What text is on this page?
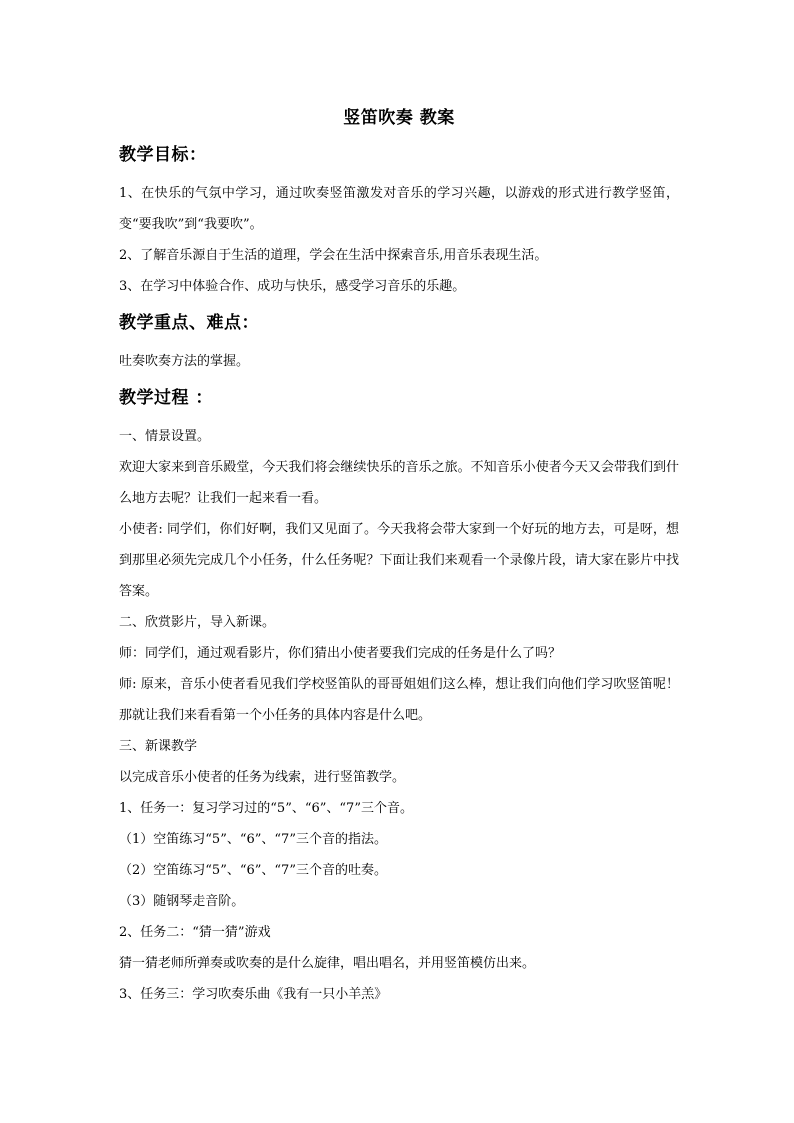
竖笛吹奏 教案
教学目标：

1、在快乐的气氛中学习，通过吹奏竖笛激发对音乐的学习兴趣，以游戏的形式进行教学竖笛，变“要我吹”到“我要吹”。

2、了解音乐源自于生活的道理，学会在生活中探索音乐,用音乐表现生活。

3、在学习中体验合作、成功与快乐，感受学习音乐的乐趣。

教学重点、难点：

吐奏吹奏方法的掌握。

教学过程 ：

一、情景设置。

欢迎大家来到音乐殿堂，今天我们将会继续快乐的音乐之旅。不知音乐小使者今天又会带我们到什么地方去呢？让我们一起来看一看。

小使者: 同学们，你们好啊，我们又见面了。今天我将会带大家到一个好玩的地方去，可是呀，想到那里必须先完成几个小任务，什么任务呢？下面让我们来观看一个录像片段，请大家在影片中找答案。

二、欣赏影片，导入新课。

师：同学们，通过观看影片，你们猜出小使者要我们完成的任务是什么了吗？

师: 原来，音乐小使者看见我们学校竖笛队的哥哥姐姐们这么棒，想让我们向他们学习吹竖笛呢！那就让我们来看看第一个小任务的具体内容是什么吧。

三、新课教学

以完成音乐小使者的任务为线索，进行竖笛教学。

1、任务一：复习学习过的“5”、“6”、“7”三个音。

（1）空笛练习“5”、“6”、“7”三个音的指法。

（2）空笛练习“5”、“6”、“7”三个音的吐奏。

（3）随钢琴走音阶。

2、任务二：“猜一猜”游戏

猜一猜老师所弹奏或吹奏的是什么旋律，唱出唱名，并用竖笛模仿出来。

3、任务三：学习吹奏乐曲《我有一只小羊羔》
